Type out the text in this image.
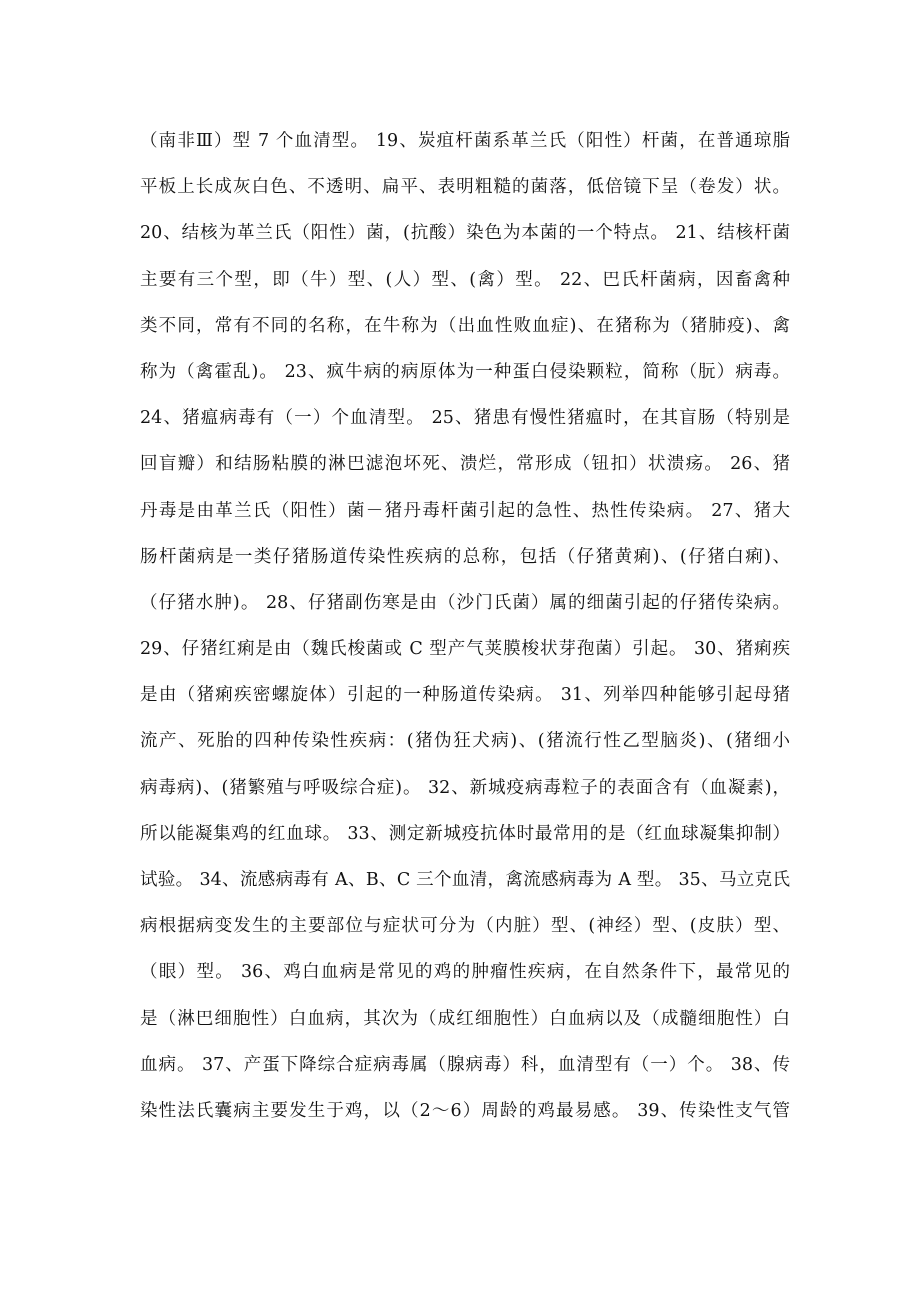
（南非Ⅲ）型 7 个血清型。 19、炭疽杆菌系革兰氏（阳性）杆菌，在普通琼脂
平板上长成灰白色、不透明、扁平、表明粗糙的菌落，低倍镜下呈（卷发）状。
20、结核为革兰氏（阳性）菌，(抗酸）染色为本菌的一个特点。 21、结核杆菌
主要有三个型，即（牛）型、(人）型、(禽）型。 22、巴氏杆菌病，因畜禽种
类不同，常有不同的名称，在牛称为（出血性败血症)、在猪称为（猪肺疫)、禽
称为（禽霍乱)。 23、疯牛病的病原体为一种蛋白侵染颗粒，简称（朊）病毒。
24、猪瘟病毒有（一）个血清型。 25、猪患有慢性猪瘟时，在其盲肠（特别是
回盲瓣）和结肠粘膜的淋巴滤泡坏死、溃烂，常形成（钮扣）状溃疡。 26、猪
丹毒是由革兰氏（阳性）菌－猪丹毒杆菌引起的急性、热性传染病。 27、猪大
肠杆菌病是一类仔猪肠道传染性疾病的总称，包括（仔猪黄痢)、(仔猪白痢)、
（仔猪水肿)。 28、仔猪副伤寒是由（沙门氏菌）属的细菌引起的仔猪传染病。
29、仔猪红痢是由（魏氏梭菌或 C 型产气荚膜梭状芽孢菌）引起。 30、猪痢疾
是由（猪痢疾密螺旋体）引起的一种肠道传染病。 31、列举四种能够引起母猪
流产、死胎的四种传染性疾病：(猪伪狂犬病)、(猪流行性乙型脑炎)、(猪细小
病毒病)、(猪繁殖与呼吸综合症)。 32、新城疫病毒粒子的表面含有（血凝素)，
所以能凝集鸡的红血球。 33、测定新城疫抗体时最常用的是（红血球凝集抑制）
试验。 34、流感病毒有 A、B、C 三个血清，禽流感病毒为 A 型。 35、马立克氏
病根据病变发生的主要部位与症状可分为（内脏）型、(神经）型、(皮肤）型、
（眼）型。 36、鸡白血病是常见的鸡的肿瘤性疾病，在自然条件下，最常见的
是（淋巴细胞性）白血病，其次为（成红细胞性）白血病以及（成髓细胞性）白
血病。 37、产蛋下降综合症病毒属（腺病毒）科，血清型有（一）个。 38、传
染性法氏囊病主要发生于鸡，以（2～6）周龄的鸡最易感。 39、传染性支气管
